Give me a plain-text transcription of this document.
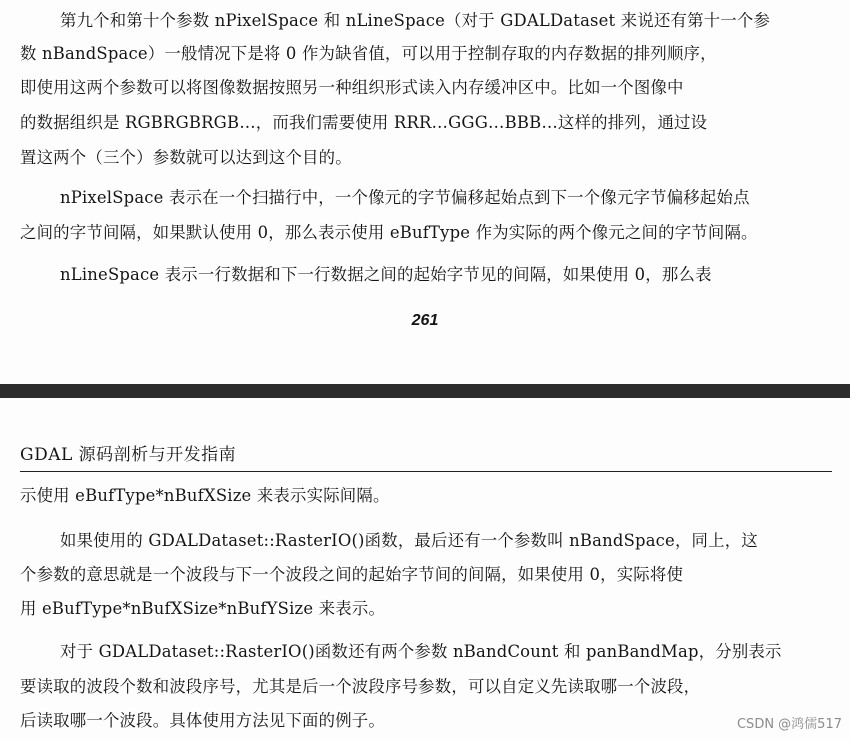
第九个和第十个参数 nPixelSpace 和 nLineSpace（对于 GDALDataset 来说还有第十一个参
数 nBandSpace）一般情况下是将 0 作为缺省值，可以用于控制存取的内存数据的排列顺序，
即使用这两个参数可以将图像数据按照另一种组织形式读入内存缓冲区中。比如一个图像中
的数据组织是 RGBRGBRGB…，而我们需要使用 RRR…GGG…BBB…这样的排列，通过设
置这两个（三个）参数就可以达到这个目的。
nPixelSpace 表示在一个扫描行中，一个像元的字节偏移起始点到下一个像元字节偏移起始点
之间的字节间隔，如果默认使用 0，那么表示使用 eBufType 作为实际的两个像元之间的字节间隔。
nLineSpace 表示一行数据和下一行数据之间的起始字节见的间隔，如果使用 0，那么表
261
GDAL 源码剖析与开发指南
示使用 eBufType*nBufXSize 来表示实际间隔。
如果使用的 GDALDataset::RasterIO()函数，最后还有一个参数叫 nBandSpace，同上，这
个参数的意思就是一个波段与下一个波段之间的起始字节间的间隔，如果使用 0，实际将使
用 eBufType*nBufXSize*nBufYSize 来表示。
对于 GDALDataset::RasterIO()函数还有两个参数 nBandCount 和 panBandMap，分别表示
要读取的波段个数和波段序号，尤其是后一个波段序号参数，可以自定义先读取哪一个波段，
后读取哪一个波段。具体使用方法见下面的例子。	CSDN @鸿儒517
